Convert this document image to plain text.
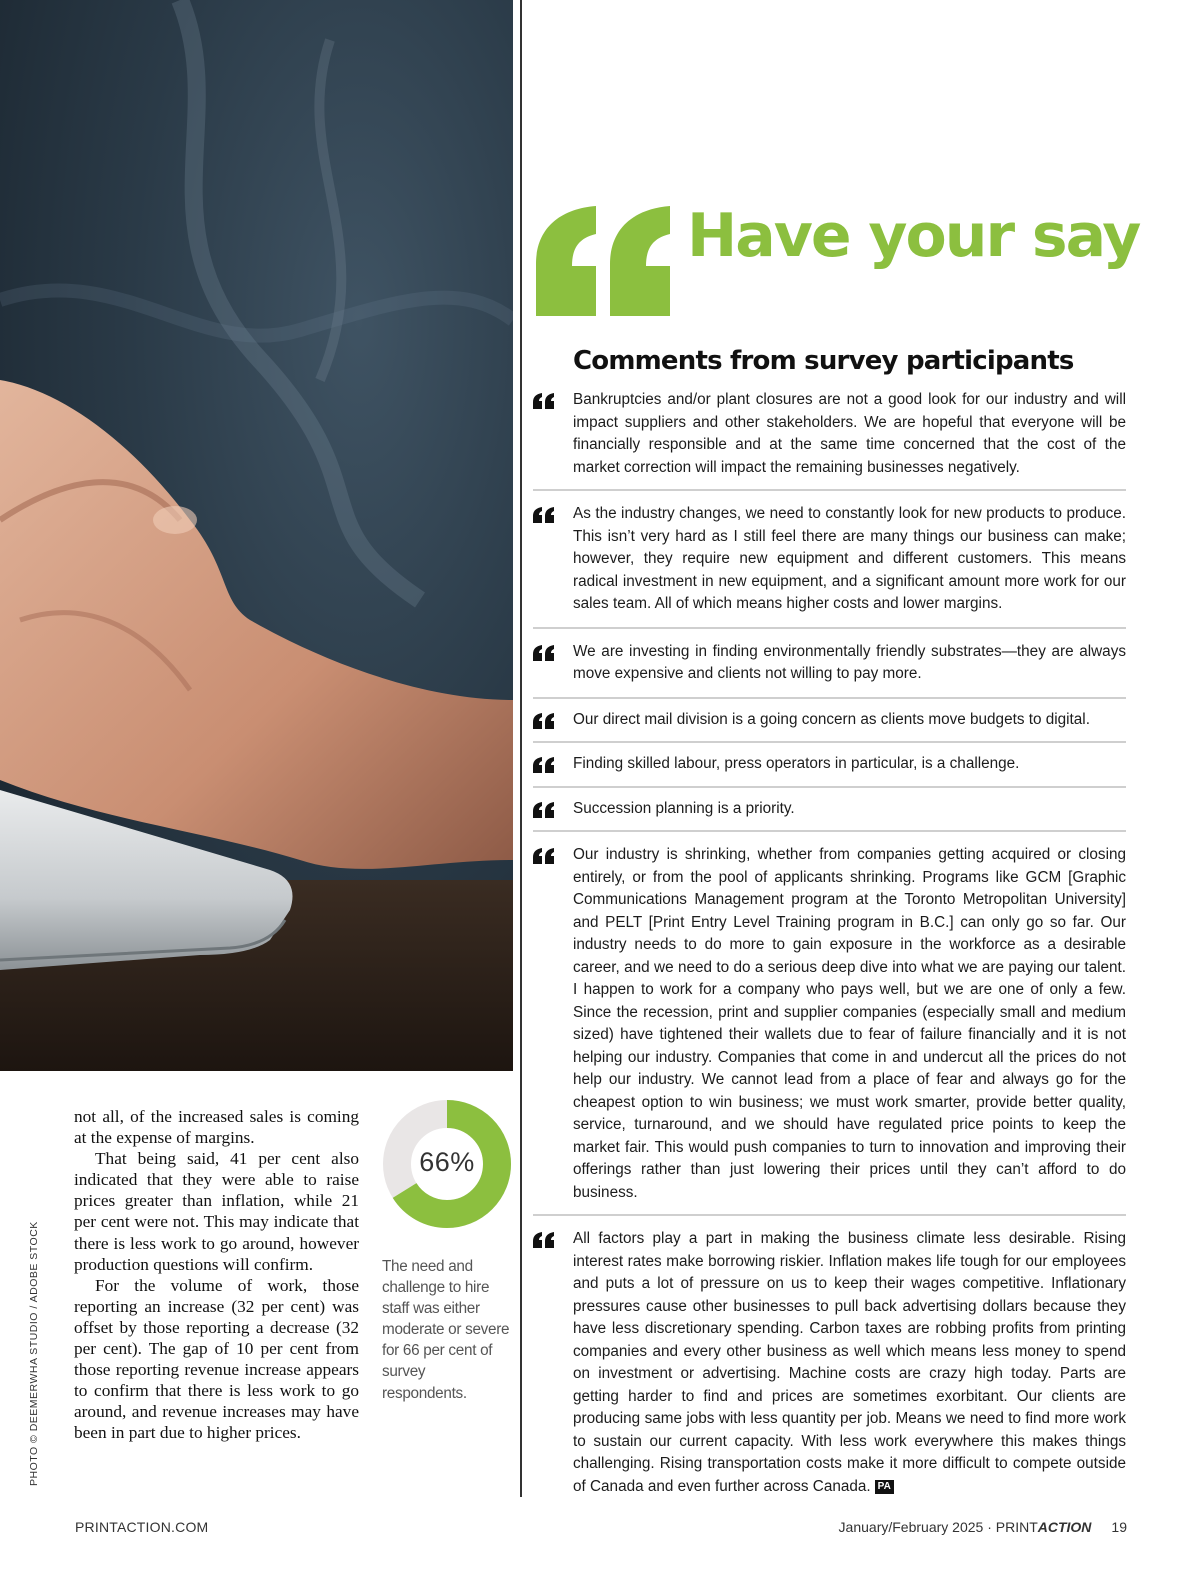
PHOTO © DEEMERWHA STUDIO / ADOBE STOCK

not all, of the increased sales is coming at the expense of margins.

That being said, 41 per cent also indicated that they were able to raise prices greater than inflation, while 21 per cent were not. This may indicate that there is less work to go around, however production questions will confirm.

For the volume of work, those reporting an increase (32 per cent) was offset by those reporting a decrease (32 per cent). The gap of 10 per cent from those reporting revenue increase appears to confirm that there is less work to go around, and revenue increases may have been in part due to higher prices.

66%
The need and challenge to hire staff was either moderate or severe for 66 per cent of survey respondents.
Have your say
Comments from survey participants

Bankruptcies and/or plant closures are not a good look for our industry and will impact suppliers and other stakeholders. We are hopeful that everyone will be financially responsible and at the same time concerned that the cost of the market correction will impact the remaining businesses negatively.

As the industry changes, we need to constantly look for new products to produce. This isn’t very hard as I still feel there are many things our business can make; however, they require new equipment and different customers. This means radical investment in new equipment, and a significant amount more work for our sales team. All of which means higher costs and lower margins.

We are investing in finding environmentally friendly substrates—they are always move expensive and clients not willing to pay more.

Our direct mail division is a going concern as clients move budgets to digital.

Finding skilled labour, press operators in particular, is a challenge.

Succession planning is a priority.

Our industry is shrinking, whether from companies getting acquired or closing entirely, or from the pool of applicants shrinking. Programs like GCM [Graphic Communications Management program at the Toronto Metropolitan University] and PELT [Print Entry Level Training program in B.C.] can only go so far. Our industry needs to do more to gain exposure in the workforce as a desirable career, and we need to do a serious deep dive into what we are paying our talent. I happen to work for a company who pays well, but we are one of only a few. Since the recession, print and supplier companies (especially small and medium sized) have tightened their wallets due to fear of failure financially and it is not helping our industry. Companies that come in and undercut all the prices do not help our industry. We cannot lead from a place of fear and always go for the cheapest option to win business; we must work smarter, provide better quality, service, turnaround, and we should have regulated price points to keep the market fair. This would push companies to turn to innovation and improving their offerings rather than just lowering their prices until they can’t afford to do business.

All factors play a part in making the business climate less desirable. Rising interest rates make borrowing riskier. Inflation makes life tough for our employees and puts a lot of pressure on us to keep their wages competitive. Inflationary pressures cause other businesses to pull back advertising dollars because they have less discretionary spending. Carbon taxes are robbing profits from printing companies and every other business as well which means less money to spend on investment or advertising. Machine costs are crazy high today. Parts are getting harder to find and prices are sometimes exorbitant. Our clients are producing same jobs with less quantity per job. Means we need to find more work to sustain our current capacity. With less work everywhere this makes things challenging. Rising transportation costs make it more difficult to compete outside of Canada and even further across Canada. PA

PRINTACTION.COM	January/February 2025 · PRINTACTION 19
